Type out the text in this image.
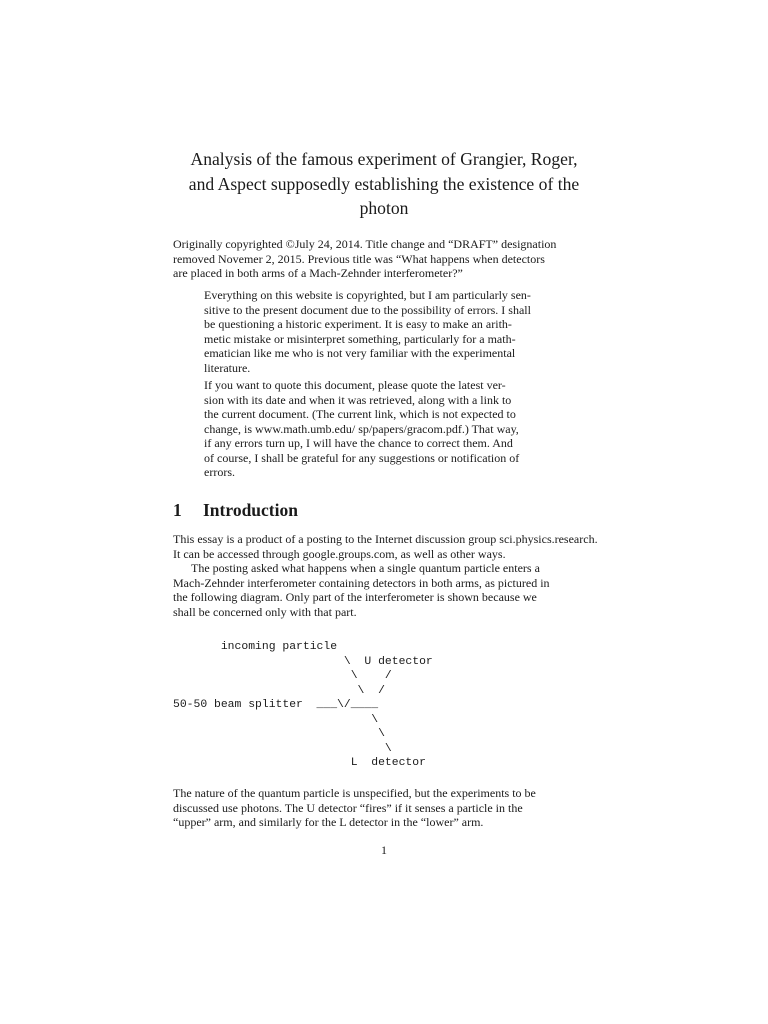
Analysis of the famous experiment of Grangier, Roger,
and Aspect supposedly establishing the existence of the
photon
Originally copyrighted ©July 24, 2014. Title change and “DRAFT” designation
removed Novemer 2, 2015. Previous title was “What happens when detectors
are placed in both arms of a Mach-Zehnder interferometer?”
Everything on this website is copyrighted, but I am particularly sen-
sitive to the present document due to the possibility of errors. I shall
be questioning a historic experiment. It is easy to make an arith-
metic mistake or misinterpret something, particularly for a math-
ematician like me who is not very familiar with the experimental
literature.
If you want to quote this document, please quote the latest ver-
sion with its date and when it was retrieved, along with a link to
the current document. (The current link, which is not expected to
change, is www.math.umb.edu/ sp/papers/gracom.pdf.) That way,
if any errors turn up, I will have the chance to correct them. And
of course, I shall be grateful for any suggestions or notification of
errors.
1 Introduction
This essay is a product of a posting to the Internet discussion group sci.physics.research.
It can be accessed through google.groups.com, as well as other ways.
The posting asked what happens when a single quantum particle enters a
Mach-Zehnder interferometer containing detectors in both arms, as pictured in
the following diagram. Only part of the interferometer is shown because we
shall be concerned only with that part.
incoming particle
\  U detector
\    /
\  /
50-50 beam splitter  ___\/____
\
\
\
L  detector
The nature of the quantum particle is unspecified, but the experiments to be
discussed use photons. The U detector “fires” if it senses a particle in the
“upper” arm, and similarly for the L detector in the “lower” arm.
1
